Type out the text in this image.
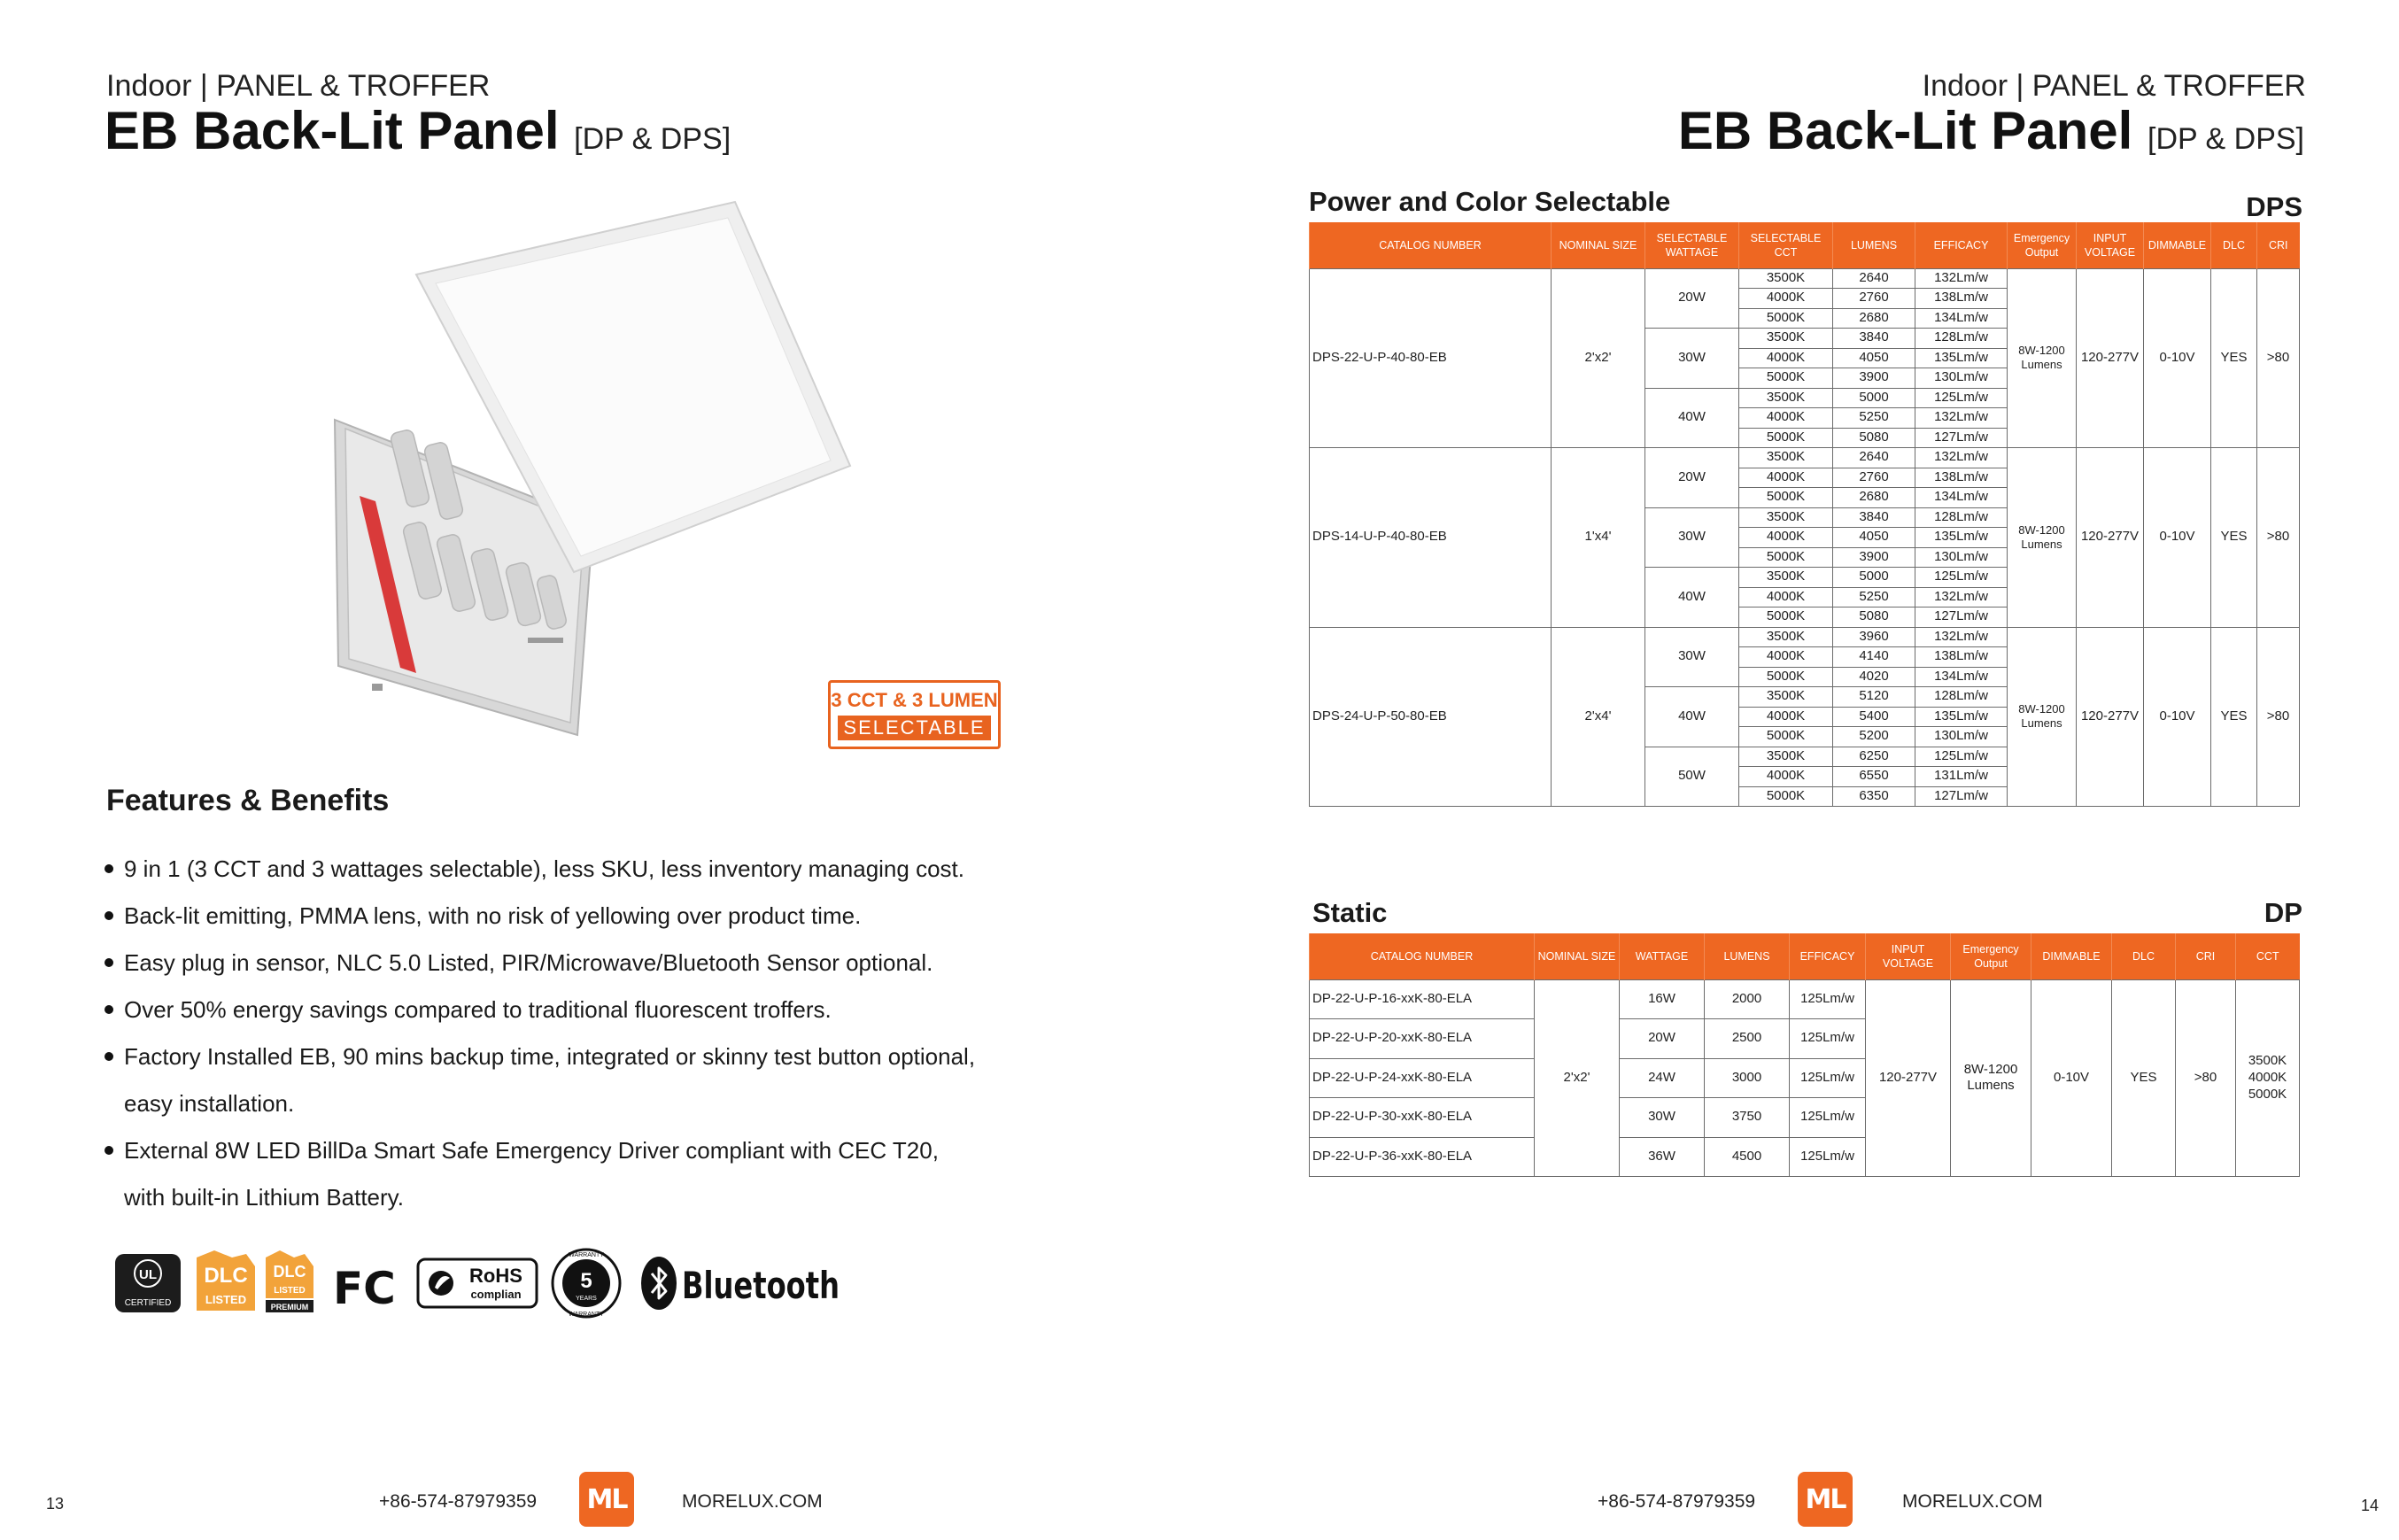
Indoor | PANEL & TROFFER
EB Back-Lit Panel [DP & DPS]
3 CCT & 3 LUMEN
SELECTABLE
Features & Benefits
9 in 1 (3 CCT and 3 wattages selectable), less SKU, less inventory managing cost.
Back-lit emitting, PMMA lens, with no risk of yellowing over product time.
Easy plug in sensor, NLC 5.0 Listed, PIR/Microwave/Bluetooth Sensor optional.
Over 50% energy savings compared to traditional fluorescent troffers.
Factory Installed EB, 90 mins backup time, integrated or skinny test button optional,
easy installation.
External 8W LED BillDa Smart Safe Emergency Driver compliant with CEC T20,
with built-in Lithium Battery.
UL
CERTIFIED
DLC
LISTED
DLC
LISTED
PREMIUM FC	RoHS
complian
5
YEARS
WARRANTY
WARRANTY
Bluetooth
Indoor | PANEL & TROFFER
EB Back-Lit Panel [DP & DPS]
Power and Color Selectable	DPS
CATALOG NUMBER	NOMINAL SIZE	SELECTABLE WATTAGE	SELECTABLE CCT	LUMENS	EFFICACY	Emergency Output	INPUT VOLTAGE	DIMMABLE	DLC	CRI
DPS-22-U-P-40-80-EB	2'x2'	20W	3500K	2640	132Lm/w	8W-1200 Lumens	120-277V	0-10V	YES	>80
			4000K	2760	138Lm/w					
			5000K	2680	134Lm/w					
		30W	3500K	3840	128Lm/w					
			4000K	4050	135Lm/w					
			5000K	3900	130Lm/w					
		40W	3500K	5000	125Lm/w					
			4000K	5250	132Lm/w					
			5000K	5080	127Lm/w					
DPS-14-U-P-40-80-EB	1'x4'	20W	3500K	2640	132Lm/w	8W-1200 Lumens	120-277V	0-10V	YES	>80
			4000K	2760	138Lm/w					
			5000K	2680	134Lm/w					
		30W	3500K	3840	128Lm/w					
			4000K	4050	135Lm/w					
			5000K	3900	130Lm/w					
		40W	3500K	5000	125Lm/w					
			4000K	5250	132Lm/w					
			5000K	5080	127Lm/w					
DPS-24-U-P-50-80-EB	2'x4'	30W	3500K	3960	132Lm/w	8W-1200 Lumens	120-277V	0-10V	YES	>80
			4000K	4140	138Lm/w					
			5000K	4020	134Lm/w					
		40W	3500K	5120	128Lm/w					
			4000K	5400	135Lm/w					
			5000K	5200	130Lm/w					
		50W	3500K	6250	125Lm/w					
			4000K	6550	131Lm/w					
			5000K	6350	127Lm/w					
Static	DP
CATALOG NUMBER	NOMINAL SIZE	WATTAGE	LUMENS	EFFICACY	INPUT VOLTAGE	Emergency Output	DIMMABLE	DLC	CRI	CCT
DP-22-U-P-16-xxK-80-ELA	2'x2'	16W	2000	125Lm/w	120-277V	8W-1200 Lumens	0-10V	YES	>80	3500K 4000K 5000K
DP-22-U-P-20-xxK-80-ELA		20W	2500	125Lm/w						
DP-22-U-P-24-xxK-80-ELA		24W	3000	125Lm/w						
DP-22-U-P-30-xxK-80-ELA		30W	3750	125Lm/w						
DP-22-U-P-36-xxK-80-ELA		36W	4500	125Lm/w						
13	+86-574-87979359 ML	MORELUX.COM	+86-574-87979359 ML	MORELUX.COM	14
